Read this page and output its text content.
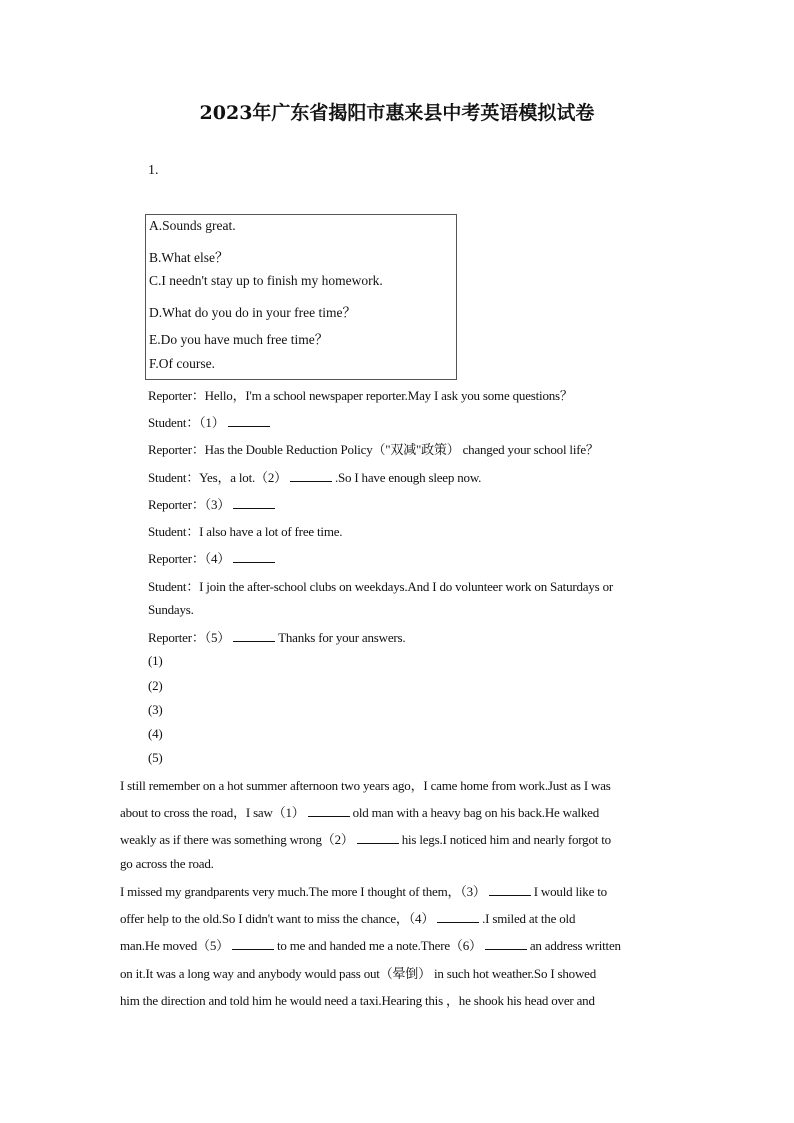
2023年广东省揭阳市惠来县中考英语模拟试卷
1.
A.Sounds great.
B.What else？
C.I needn't stay up to finish my homework.
D.What do you do in your free time？
E.Do you have much free time？
F.Of course.
Reporter：Hello，I'm a school newspaper reporter.May I ask you some questions？
Student：（1）
Reporter：Has the Double Reduction Policy（"双减"政策） changed your school life？
Student：Yes，a lot.（2）	.So I have enough sleep now.
Reporter：（3）
Student：I also have a lot of free time.
Reporter：（4）
Student：I join the after-school clubs on weekdays.And I do volunteer work on Saturdays or
Sundays.
Reporter：（5）	Thanks for your answers.
(1)
(2)
(3)
(4)
(5)
I still remember on a hot summer afternoon two years ago，I came home from work.Just as I was
about to cross the road，I saw（1）	old man with a heavy bag on his back.He walked
weakly as if there was something wrong（2）	his legs.I noticed him and nearly forgot to
go across the road.
I missed my grandparents very much.The more I thought of them，（3）	I would like to
offer help to the old.So I didn't want to miss the chance，（4）	.I smiled at the old
man.He moved（5）	to me and handed me a note.There（6）	an address written
on it.It was a long way and anybody would pass out（晕倒） in such hot weather.So I showed
him the direction and told him he would need a taxi.Hearing this ，he shook his head over and
